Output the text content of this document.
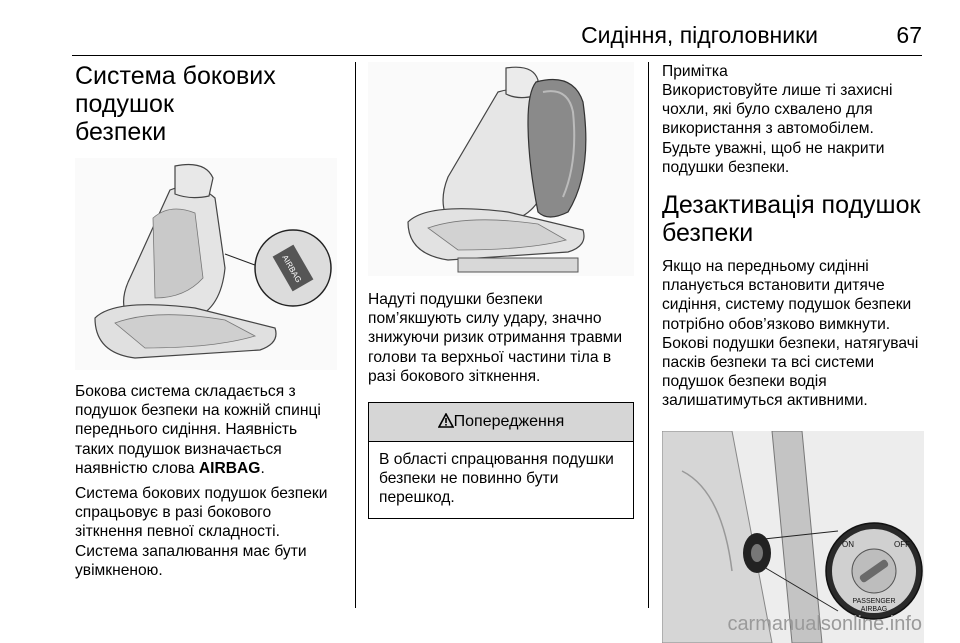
Сидіння, підголовники	67
Система бокових подушок
безпеки
AIRBAG

Бокова система складається з

подушок безпеки на кожній спинці

переднього сидіння. Наявність

таких подушок визначається

наявністю слова AIRBAG.

Система бокових подушок безпеки

спрацьовує в разі бокового

зіткнення певної складності.

Система запалювання має бути

увімкненою.

Надуті подушки безпеки

пом’якшують силу удару, значно

знижуючи ризик отримання травми

голови та верхньої частини тіла в

разі бокового зіткнення.

Попередження

В області спрацювання подушки

безпеки не повинно бути

перешкод.

Примітка

Використовуйте лише ті захисні

чохли, які було схвалено для

використання з автомобілем.

Будьте уважні, щоб не накрити

подушки безпеки.

Дезактивація подушок
безпеки

Якщо на передньому сидінні

планується встановити дитяче

сидіння, систему подушок безпеки

потрібно обов’язково вимкнути.

Бокові подушки безпеки, натягувачі

пасків безпеки та всі системи

подушок безпеки водія

залишатимуться активними.

ON	OFF
PASSENGER
AIRBAG
carmanualsonline.info
